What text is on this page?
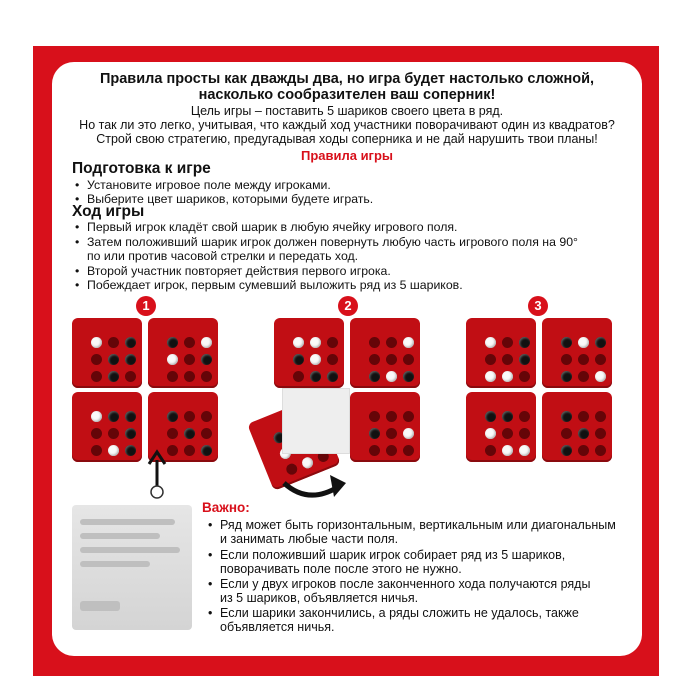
Правила просты как дважды два, но игра будет настолько сложной,
насколько сообразителен ваш соперник!
Цель игры – поставить 5 шариков своего цвета в ряд.
Но так ли это легко, учитывая, что каждый ход участники поворачивают один из квадратов?
Строй свою стратегию, предугадывая ходы соперника и не дай нарушить твои планы!
Правила игры
Подготовка к игре
• Установите игровое поле между игроками.
• Выберите цвет шариков, которыми будете играть.
Ход игры
• Первый игрок кладёт свой шарик в любую ячейку игрового поля.
• Затем положивший шарик игрок должен повернуть любую часть игрового поля на 90°
по или против часовой стрелки и передать ход.
• Второй участник повторяет действия первого игрока.
• Побеждает игрок, первым сумевший выложить ряд из 5 шариков.
1	2	3
Важно:
• Ряд может быть горизонтальным, вертикальным или диагональным
и занимать любые части поля.
• Если положивший шарик игрок собирает ряд из 5 шариков,
поворачивать поле после этого не нужно.
• Если у двух игроков после законченного хода получаются ряды
из 5 шариков, объявляется ничья.
• Если шарики закончились, а ряды сложить не удалось, также
объявляется ничья.
